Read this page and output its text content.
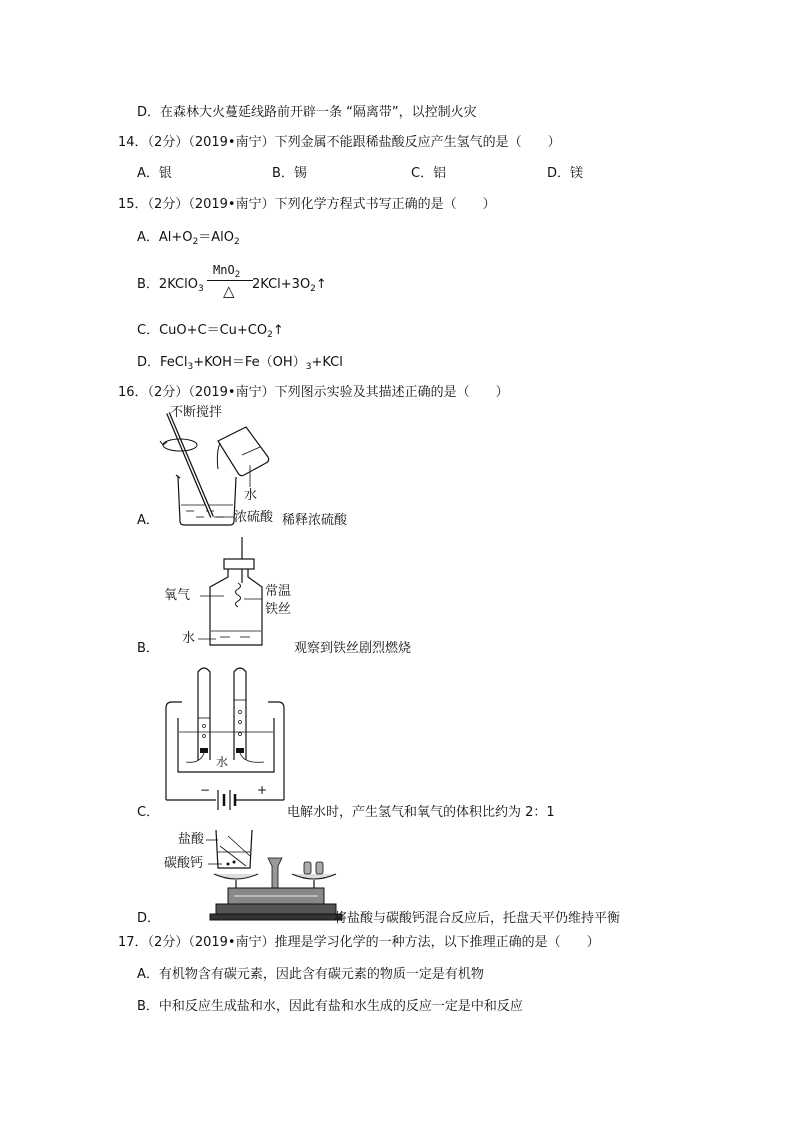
D．在森林大火蔓延线路前开辟一条 “隔离带”，以控制火灾
14．（2分）（2019•南宁）下列金属不能跟稀盐酸反应产生氢气的是（　　）
A．银	B．锡	C．铝	D．镁
15．（2分）（2019•南宁）下列化学方程式书写正确的是（　　）
A．$Al+O_2=AlO_2$
B．2KClO$_3$
MnO$_2$
△ $2KCl+3O_2↑$
C．$CuO+C=Cu+CO_2↑$
D．$FeCl_3+KOH=Fe(OH)_3+KCl$
16．（2分）（2019•南宁）下列图示实验及其描述正确的是（　　）
A．
不断搅拌
水
浓硫酸 稀释浓硫酸
B．
氧气	常温
铁丝
水
观察到铁丝剧烈燃烧
C．
水
−	+
电解水时，产生氢气和氧气的体积比约为 2：1
D．
盐酸
碳酸钙
将盐酸与碳酸钙混合反应后，托盘天平仍维持平衡
17．（2分）（2019•南宁）推理是学习化学的一种方法，以下推理正确的是（　　）
A．有机物含有碳元素，因此含有碳元素的物质一定是有机物
B．中和反应生成盐和水，因此有盐和水生成的反应一定是中和反应
